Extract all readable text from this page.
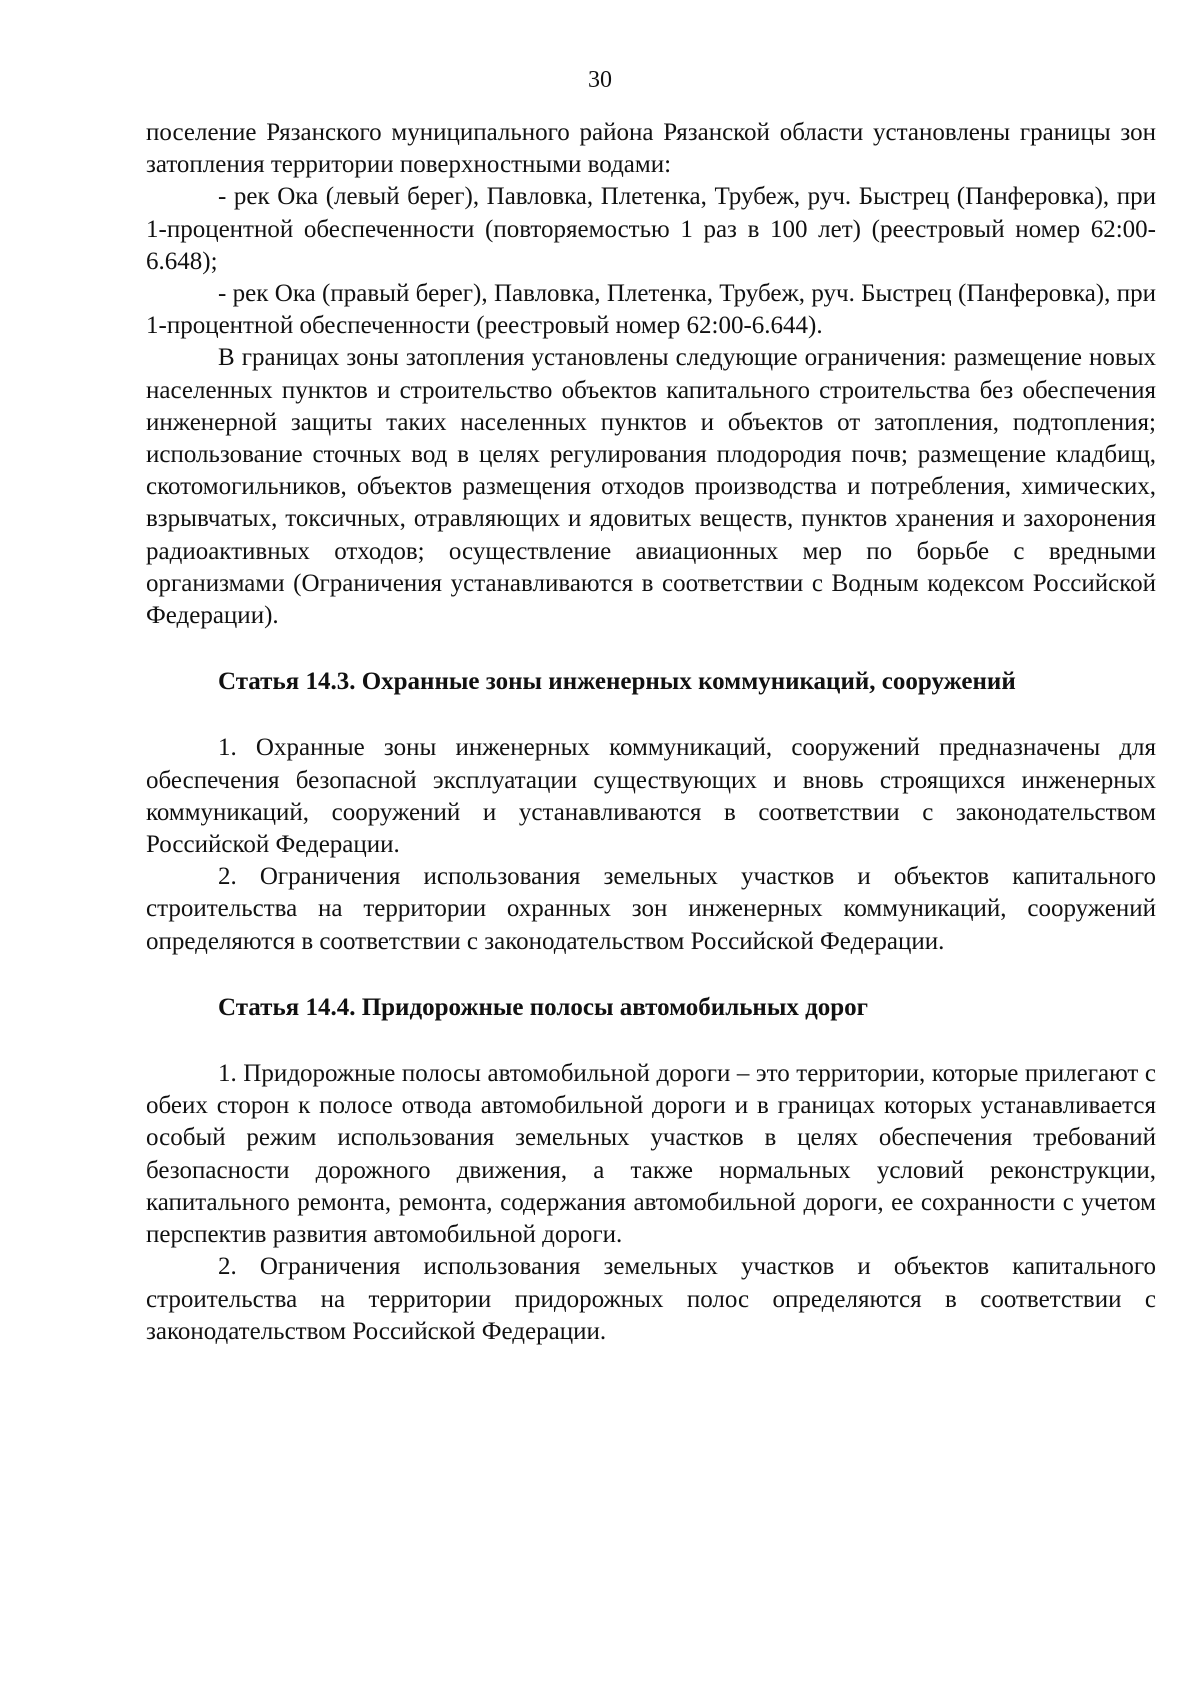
30

поселение Рязанского муниципального района Рязанской области установлены границы зон затопления территории поверхностными водами:

- рек Ока (левый берег), Павловка, Плетенка, Трубеж, руч. Быстрец (Панферовка), при 1-процентной обеспеченности (повторяемостью 1 раз в 100 лет) (реестровый номер 62:00-6.648);

- рек Ока (правый берег), Павловка, Плетенка, Трубеж, руч. Быстрец (Панферовка), при 1-процентной обеспеченности (реестровый номер 62:00-6.644).

В границах зоны затопления установлены следующие ограничения: размещение новых населенных пунктов и строительство объектов капитального строительства без обеспечения инженерной защиты таких населенных пунктов и объектов от затопления, подтопления; использование сточных вод в целях регулирования плодородия почв; размещение кладбищ, скотомогильников, объектов размещения отходов производства и потребления, химических, взрывчатых, токсичных, отравляющих и ядовитых веществ, пунктов хранения и захоронения радиоактивных отходов; осуществление авиационных мер по борьбе с вредными организмами (Ограничения устанавливаются в соответствии с Водным кодексом Российской Федерации).

Статья 14.3. Охранные зоны инженерных коммуникаций, сооружений

1. Охранные зоны инженерных коммуникаций, сооружений предназначены для обеспечения безопасной эксплуатации существующих и вновь строящихся инженерных коммуникаций, сооружений и устанавливаются в соответствии с законодательством Российской Федерации.

2. Ограничения использования земельных участков и объектов капитального строительства на территории охранных зон инженерных коммуникаций, сооружений определяются в соответствии с законодательством Российской Федерации.

Статья 14.4. Придорожные полосы автомобильных дорог

1. Придорожные полосы автомобильной дороги – это территории, которые прилегают с обеих сторон к полосе отвода автомобильной дороги и в границах которых устанавливается особый режим использования земельных участков в целях обеспечения требований безопасности дорожного движения, а также нормальных условий реконструкции, капитального ремонта, ремонта, содержания автомобильной дороги, ее сохранности с учетом перспектив развития автомобильной дороги.

2. Ограничения использования земельных участков и объектов капитального строительства на территории придорожных полос определяются в соответствии с законодательством Российской Федерации.
